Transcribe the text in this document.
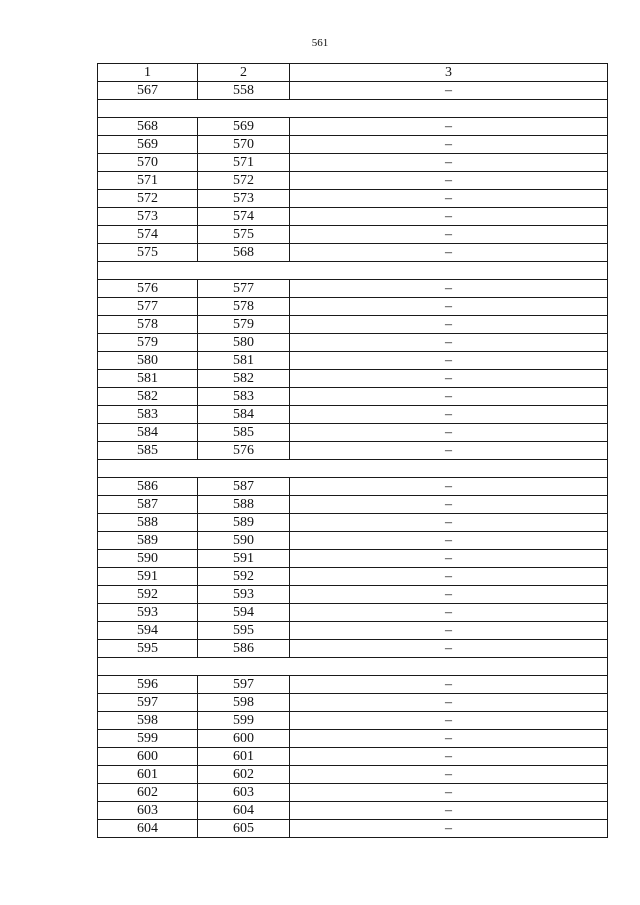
561
1	2	3
567	558	–

568	569	–
569	570	–
570	571	–
571	572	–
572	573	–
573	574	–
574	575	–
575	568	–

576	577	–
577	578	–
578	579	–
579	580	–
580	581	–
581	582	–
582	583	–
583	584	–
584	585	–
585	576	–

586	587	–
587	588	–
588	589	–
589	590	–
590	591	–
591	592	–
592	593	–
593	594	–
594	595	–
595	586	–

596	597	–
597	598	–
598	599	–
599	600	–
600	601	–
601	602	–
602	603	–
603	604	–
604	605	–
